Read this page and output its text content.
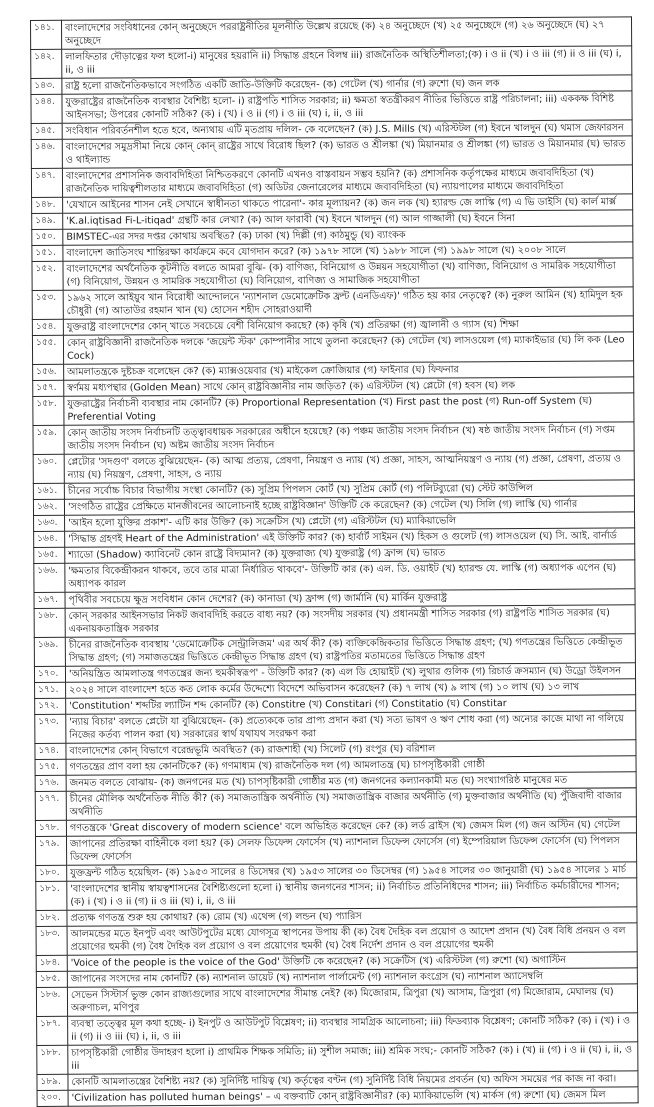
১৪১.	বাংলাদেশের সংবিধানের কোন্ অনুচ্ছেদে পররাষ্ট্রনীতির মূলনীতি উল্লেখ রয়েছে (ক) ২৪ অনুচ্ছেদে (খ) ২৫ অনুচ্ছেদে (গ) ২৬ অনুচ্ছেদে (ঘ) ২৭ অনুচ্ছেদে
১৪২.	লালফিতার দৌড়াত্নের ফল হলো-i) মানুষের হয়রানি ii) সিদ্ধান্ত গ্রহনে বিলম্ব iii) রাজনৈতিক অস্থিতিশীলতা;(ক) i ও ii (খ) i ও iii (গ) ii ও iii (ঘ) i, ii, ও iii
১৪৩.	রাষ্ট্র হলো রাজনৈতিকভাবে সংগঠিত একটি জাতি-উক্তিটি করেছেন- (ক) গেটেল (খ) গার্নার (গ) রুশো (ঘ) জন লক
১৪৪.	যুক্তরাষ্ট্রের রাজনৈতিক ব্যবস্থার বৈশিষ্ট্য হলো- i) রাষ্ট্রপতি শাসিত সরকার; ii) ক্ষমতা স্বতন্ত্রীকরণ নীতির ভিত্তিতে রাষ্ট্র পরিচালনা; iii) এককক্ষ বিশিষ্ট আইনসভা; উপরের কোনটি সঠিক? (ক) i (খ) i ও ii (গ) i ও iii (ঘ) i, ii, ও iii
১৪৫.	সংবিধান পরিবর্তনশীল হতে হবে, অন্যথায় এটি মৃতপ্রায় দলিল- কে বলেছেন? (ক) J.S. Mills (খ) এরিস্টটল (গ) ইবনে খালদুন (ঘ) থমাস জেফারসন
১৪৬.	বাংলাদেশের সমুদ্রসীমা নিয়ে কোন্ কোন্ রাষ্ট্রের সাথে বিরোধ ছিল? (ক) ভারত ও শ্রীলঙ্কা (খ) মিয়ানমার ও শ্রীলঙ্কা (গ) ভারত ও মিয়ানমার (ঘ) ভারত ও থাইল্যান্ড
১৪৭.	বাংলাদেশের প্রশাসনিক জবাবদিহিতা নিশ্চিতকরণে কোনটি এখনও বাস্তবায়ন সম্ভব হয়নি? (ক) প্রশাসনিক কর্তৃপক্ষের মাধ্যমে জবাবদিহিতা (খ) রাজনৈতিক দায়িত্বশীলতার মাধ্যমে জবাবদিহিতা (গ) অডিটর জেনারেলের মাধ্যমে জবাবদিহিতা (ঘ) ন্যায়পালের মাধ্যমে জবাবদিহিতা
১৪৮.	'যেখানে আইনের শাসন নেই সেখানে স্বাধীনতা থাকতে পারেনা'- কার মূল্যায়ন? (ক) জন লক (খ) হ্যারল্ড জে লাস্কি (গ) এ ভি ডাইসি (ঘ) কার্ল মার্ক্স
১৪৯.	'K.al.iqtisad Fi-L-itiqad' গ্রন্থটি কার লেখা? (ক) আল ফারাবী (খ) ইবনে খালদুন (গ) আল গাজ্জালী (ঘ) ইবনে সিনা
১৫০.	BIMSTEC-এর সদর দপ্তর কোথায় অবস্থিত? (ক) ঢাকা (খ) দিল্লী (গ) কাঠমুন্ডু (ঘ) ব্যাংকক
১৫১.	বাংলাদেশ জাতিসংঘ শান্তিরক্ষা কার্যক্রমে কবে যোগদান করে? (ক) ১৯৭৮ সালে (খ) ১৯৮৮ সালে (গ) ১৯৯৮ সালে (ঘ) ২০০৮ সালে
১৫২.	বাংলাদেশের অর্থনৈতিক কূটনীতি বলতে আমরা বুঝি- (ক) বাণিজ্য, বিনিয়োগ ও উন্নয়ন সহযোগীতা (খ) বাণিজ্য, বিনিয়োগ ও সামরিক সহযোগীতা (গ) বিনিয়োগ, উন্নয়ন ও সামরিক সহযোগীতা (ঘ) বিনিয়োগ, বাণিজ্য ও সামাজিক সহযোগীতা
১৫৩.	১৯৬২ সালে আইয়ুব খান বিরোধী আন্দোলনে 'ন্যাশনাল ডেমোক্রেটিক ফ্রন্ট (এনডিএফ)' গঠিত হয় কার নেতৃত্বে? (ক) নুরুল আমিন (খ) হামিদুল হক চৌধুরী (গ) আতাউর রহমান খান (ঘ) হোসেন শহীদ সোহরাওয়ার্দী
১৫৪.	যুক্তরাষ্ট্র বাংলাদেশের কোন্ খাতে সবচেয়ে বেশী বিনিয়োগ করছে? (ক) কৃষি (খ) প্রতিরক্ষা (গ) জ্বালানী ও গ্যাস (ঘ) শিক্ষা
১৫৫.	কোন্ রাষ্ট্রবিজ্ঞানী রাজনৈতিক দলকে 'জয়েন্ট স্টক' কোম্পানীর সাথে তুলনা করেছেন? (ক) গেটেল (খ) লাসওয়েল (গ) ম্যাকাইভার (ঘ) লি কক (Leo Cock)
১৫৬.	আমলাতন্ত্রকে দুষ্টচক্র বলেছেন কে? (ক) ম্যাক্সওয়েবার (খ) মাইকেল ক্রোজিয়ার (গ) ফাইনার (ঘ) ফিফনার
১৫৭.	স্বর্ণময় মধ্যপন্থার (Golden Mean) সাথে কোন্ রাষ্ট্রবিজ্ঞানীর নাম জড়িত? (ক) এরিস্টটল (খ) প্লেটো (গ) হবস (ঘ) লক
১৫৮.	যুক্তরাষ্ট্রের নির্বাচনী ব্যবস্থার নাম কোনটি? (ক) Proportional Representation (খ) First past the post (গ) Run-off System (ঘ) Preferential Voting
১৫৯.	কোন্ জাতীয় সংসদ নির্বাচনটি তত্ত্বাবধায়ক সরকারের অধীনে হয়েছে? (ক) পঞ্চম জাতীয় সংসদ নির্বাচন (খ) ষষ্ঠ জাতীয় সংসদ নির্বাচন (গ) সপ্তম জাতীয় সংসদ নির্বাচন (ঘ) অষ্টম জাতীয় সংসদ নির্বাচন
১৬০.	প্লেটোর 'সদগুণ' বলতে বুঝিয়েছেন- (ক) আত্ম প্রত্যয়, প্রেষণা, নিয়ন্ত্রণ ও ন্যায় (খ) প্রজ্ঞা, সাহস, আত্মনিয়ন্ত্রণ ও ন্যায় (গ) প্রজ্ঞা, প্রেষণা, প্রত্যয় ও ন্যায় (ঘ) নিয়ন্ত্রণ, প্রেষণা, সাহস, ও ন্যায়
১৬১.	চীনের সর্বোচ্চ বিচার বিভাগীয় সংস্থা কোনটি? (ক) সুপ্রিম পিপলস কোর্ট (খ) সুপ্রিম কোর্ট (গ) পলিটব্যুরো (ঘ) স্টেট কাউন্সিল
১৬২.	'সংগঠিত রাষ্ট্রের প্রেক্ষিতে মানজীবনের আলোচনাই হচ্ছে রাষ্ট্রবিজ্ঞান' উক্তিটি কে করেছেন? (ক) গেটেল (খ) সিলি (গ) লাস্কি (ঘ) গার্নার
১৬৩.	'আইন হলো যুক্তির প্রকাশ'- এটি কার উক্তি? (ক) সক্রেটিস (খ) প্লেটো (গ) এরিস্টটল (ঘ) ম্যাকিয়াভেলি
১৬৪.	'সিদ্ধান্ত গ্রহণই Heart of the Administration' এই উক্তিটি কার? (ক) হার্বার্ট সাইমন (খ) হিকস ও গুলেট (গ) লাসওয়েল (ঘ) সি. আই. বার্নার্ড
১৬৫.	শ্যাডো (Shadow) ক্যাবিনেট কোন রাষ্ট্রে বিদ্যমান? (ক) যুক্তরাজ্য (খ) যুক্তরাষ্ট্র (গ) ফ্রান্স (ঘ) ভারত
১৬৬.	'ক্ষমতার বিকেন্দ্রীকরন থাকবে, তবে তার মাত্রা নির্ধারিত থাকবে'- উক্তিটি কার (ক) এল. ডি. ওয়াইট (খ) হ্যারল্ড যে. লাস্কি (গ) অধ্যাপক এপেন (ঘ) অধ্যাপক কারল
১৬৭.	পৃথিবীর সবচেয়ে ক্ষুদ্র সংবিধান কোন দেশের? (ক) কানাডা (খ) ফ্রান্স (গ) জার্মানি (ঘ) মার্কিন যুক্তরাষ্ট্র
১৬৮.	কোন্ সরকার আইনসভার নিকট জবাবদিহি করতে বাধ্য নয়? (ক) সংসদীয় সরকার (খ) প্রধানমন্ত্রী শাসিত সরকার (গ) রাষ্ট্রপতি শাসিত সরকার (ঘ) একনায়কতান্ত্রিক সরকার
১৬৯.	চীনের রাজনৈতিক ব্যবস্থায় 'ডেমোক্রেটিক সেন্ট্রালিজম' এর অর্থ কী? (ক) ব্যক্তিকেন্দ্রিকতার ভিত্তিতে সিদ্ধান্ত গ্রহণ; (খ) গণতন্ত্রের ভিত্তিতে কেন্দ্রীভূত সিদ্ধান্ত গ্রহণ; (গ) সমাজতন্ত্রের ভিত্তিতে কেন্দ্রীভূত সিদ্ধান্ত গ্রহণ (ঘ) রাষ্ট্রপতির মতামতের ভিত্তিতে সিদ্ধান্ত গ্রহণ
১৭০.	'অনিয়ন্ত্রিত আমলাতন্ত্র গণতন্ত্রের জন্য হুমকীস্বরূপ' - উক্তিটি কার? (ক) এল ডি হোয়াইট (খ) লুথার গুলিক (গ) রিচার্ড ক্রসম্যান (ঘ) উড্রো উইলসন
১৭১.	২০২৪ সালে বাংলাদেশ হতে কত লোক কর্মের উদ্দেশ্যে বিদেশে অভিবাসন করেছেন? (ক) ৭ লাখ (খ) ৯ লাখ (গ) ১০ লাখ (ঘ) ১৩ লাখ
১৭২.	'Constitution' শব্দটির ল্যাটিন শব্দ কোনটি? (ক) Constitre (খ) Constitari (গ) Constitatio (ঘ) Constitar
১৭৩.	'ন্যায় বিচার' বলতে প্লেটো যা বুঝিয়েছেন- (ক) প্রত্যেককে তার প্রাপ্য প্রদান করা (খ) সত্য ভাষণ ও ঋণ শোধ করা (গ) অন্যের কাজে মাথা না গলিয়ে নিজের কর্তব্য পালন করা (ঘ) সরকারের স্বার্থ যথাযথ সংরক্ষণ করা
১৭৪.	বাংলাদেশের কোন্ বিভাগে বরেন্দ্রভূমি অবস্থিত? (ক) রাজশাহী (খ) সিলেট (গ) রংপুর (ঘ) বরিশাল
১৭৫.	গণতন্ত্রের প্রাণ বলা হয় কোনটিকে? (ক) গণমাধ্যম (খ) রাজনৈতিক দল (গ) আমলাতন্ত্র (ঘ) চাপসৃষ্টিকারী গোষ্ঠী
১৭৬.	জনমত বলতে বোঝায়- (ক) জনগনের মত (খ) চাপসৃষ্টিকারী গোষ্ঠীর মত (গ) জনগনের কল্যানকামী মত (ঘ) সংখ্যাগরিষ্ঠ মানুষের মত
১৭৭.	চীনের মৌলিক অর্থনৈতিক নীতি কী? (ক) সমাজতান্ত্রিক অর্থনীতি (খ) সমাজতান্ত্রিক বাজার অর্থনীতি (গ) মুক্তবাজার অর্থনীতি (ঘ) পুঁজিবাদী বাজার অর্থনীতি
১৭৮.	গণতন্ত্রকে 'Great discovery of modern science' বলে অভিহিত করেছেন কে? (ক) লর্ড ব্রাইস (খ) জেমস মিল (গ) জন অস্টিন (ঘ) গেটেল
১৭৯.	জাপানের প্রতিরক্ষা বাহিনীকে বলা হয়? (ক) সেলফ ডিফেন্স ফোর্সেস (খ) ন্যাশনাল ডিফেন্স ফোর্সেস (গ) ইম্পেরিয়াল ডিফেন্স ফোর্সেস (ঘ) পিপলস ডিফেন্স ফোর্সেস
১৮০.	যুক্তফ্রন্ট গঠিত হয়েছিল- (ক) ১৯৫৩ সালের ৪ ডিসেম্বর (খ) ১৯৫৩ সালের ৩০ ডিসেম্বর (গ) ১৯৫৪ সালের ৩০ জানুয়ারী (ঘ) ১৯৫৪ সালের ১ মার্চ
১৮১.	'বাংলাদেশের স্থানীয় স্বায়ত্বশাসনের বৈশিষ্ট্যগুলো হলো i) স্থানীয় জনগনের শাসন; ii) নির্বাচিত প্রতিনিধিদের শাসন; iii) নির্বাচিত কর্মচারীদের শাসন; (ক) i (খ) i ও ii (গ) ii ও iii (ঘ) i, ii, ও iii
১৮২.	প্রত্যক্ষ গণতন্ত্র শুরু হয় কোথায়? (ক) রোম (খ) এথেন্স (গ) লন্ডন (ঘ) প্যারিস
১৮৩.	আলমন্ডের মতে ইনপুট এবং আউটপুটের মধ্যে যোগসূত্র স্থাপনের উপায় কী (ক) বৈধ দৈহিক বল প্রয়োগ ও আদেশ প্রদান (খ) বৈধ বিধি প্রনয়ন ও বল প্রয়োগের হুমকী (গ) বৈধ দৈহিক বল প্রয়োগ ও বল প্রয়োগের হুমকী (ঘ) বৈধ নির্দেশ প্রদান ও বল প্রয়োগের হুমকী
১৮৪.	'Voice of the people is the voice of the God' উক্তিটি কে করেছেন? (ক) সক্রেটিস (খ) এরিস্টটল (গ) রুশো (ঘ) অগাস্টিন
১৮৫.	জাপানের সংসদের নাম কোনটি? (ক) ন্যাশনাল ডায়েট (খ) ন্যাশনাল পার্লামেন্ট (গ) ন্যাশনাল কংগ্রেস (ঘ) ন্যাশনাল অ্যাসেম্বলি
১৮৬.	সেভেন সিস্টার্স ভুক্ত কোন রাজ্যগুলোর সাথে বাংলাদেশের সীমান্ত নেই? (ক) মিজোরাম, ত্রিপুরা (খ) আসাম, ত্রিপুরা (গ) মিজোরাম, মেঘালয় (ঘ) অরুণাচল, মণিপুর
১৮৭.	ব্যবস্থা তত্ত্বের মূল কথা হচ্ছে- i) ইনপুট ও আউটপুট বিশ্লেষণ; ii) ব্যবস্থার সামগ্রিক আলোচনা; iii) ফিডব্যাক বিশ্লেষণ; কোনটি সঠিক? (ক) i (খ) i ও ii (গ) ii ও iii (ঘ) i, ii, ও iii
১৮৮.	চাপসৃষ্টিকারী গোষ্ঠীর উদাহরণ হলো i) প্রাথমিক শিক্ষক সমিতি; ii) সুশীল সমাজ; iii) শ্রমিক সংঘ;- কোনটি সঠিক? (ক) i (খ) ii (গ) i ও ii (ঘ) i, ii, ও iii
১৮৯.	কোনটি আমলাতন্ত্রের বৈশিষ্ট্য নয়? (ক) সুনির্দিষ্ট দায়িত্ব (খ) কর্তৃত্বের বণ্টন (গ) সুনির্দিষ্ট বিধি নিয়মের প্রবর্তন (ঘ) অফিস সময়ের পর কাজ না করা।
২০০.	'Civilization has polluted human beings' – এ বক্তব্যটি কোন্ রাষ্ট্রবিজ্ঞানীর? (ক) ম্যাকিয়াভেলি (খ) মার্কস (গ) রুশো (ঘ) জেমস মিল
